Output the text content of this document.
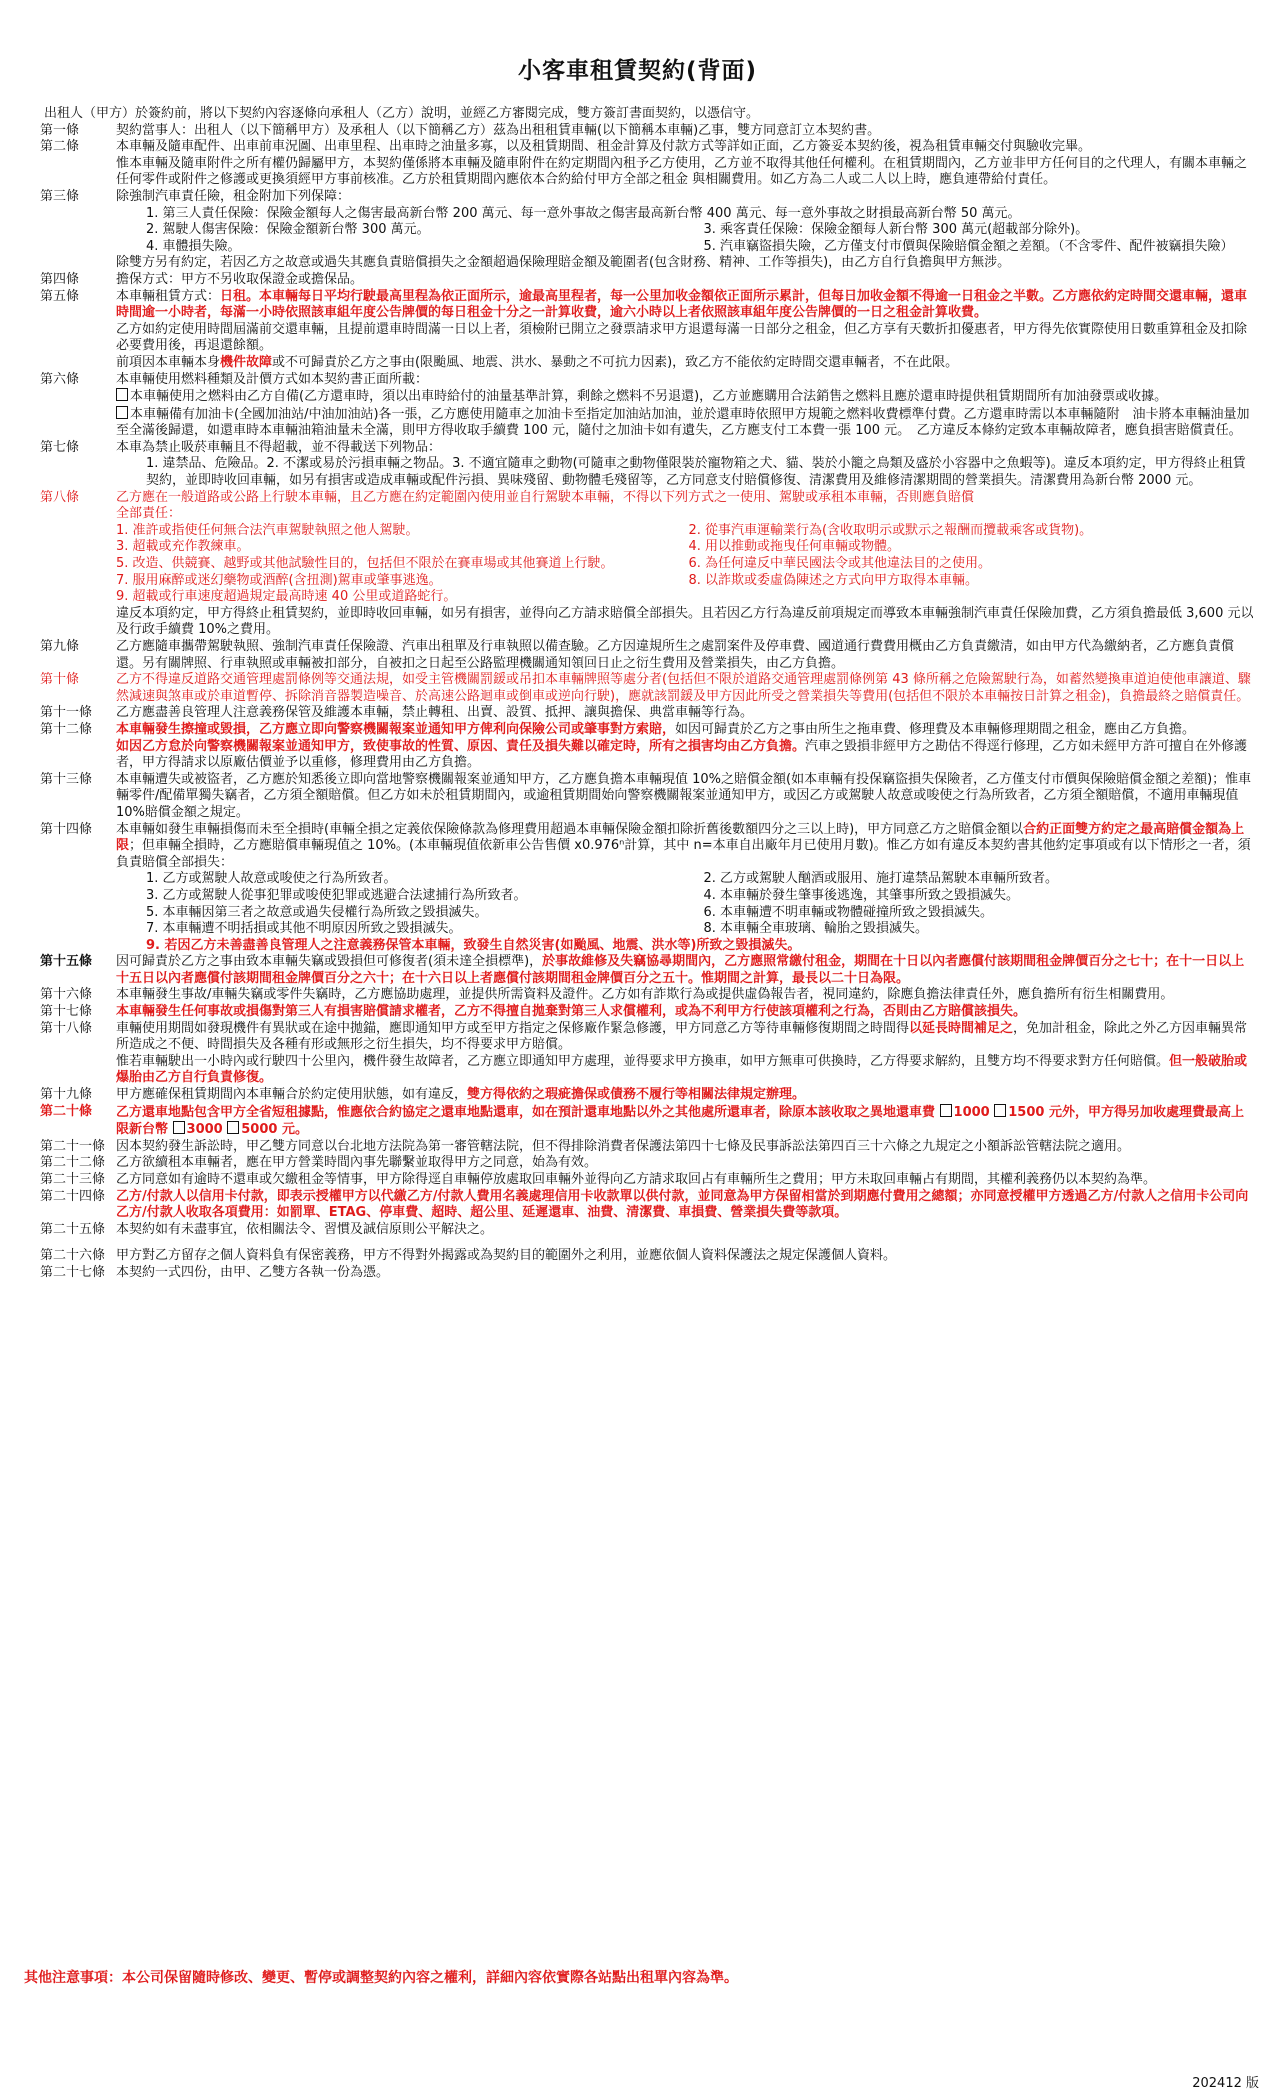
小客車租賃契約(背面)
出租人（甲方）於簽約前，將以下契約內容逐條向承租人（乙方）說明，並經乙方審閱完成，雙方簽訂書面契約，以憑信守。
第一條	契約當事人：出租人（以下簡稱甲方）及承租人（以下簡稱乙方）茲為出租租賃車輛(以下簡稱本車輛)乙事，雙方同意訂立本契約書。
第二條	本車輛及隨車配件、出車前車況圖、出車里程、出車時之油量多寡，以及租賃期間、租金計算及付款方式等詳如正面，乙方簽妥本契約後，視為租賃車輛交付與驗收完畢。

惟本車輛及隨車附件之所有權仍歸屬甲方，本契約僅係將本車輛及隨車附件在約定期間內租予乙方使用，乙方並不取得其他任何權利。在租賃期間內，乙方並非甲方任何目的之代理人，有關本車輛之任何零件或附件之修護或更換須經甲方事前核准。乙方於租賃期間內應依本合約給付甲方全部之租金 與相關費用。如乙方為二人或二人以上時，應負連帶給付責任。

第三條	除強制汽車責任險，租金附加下列保障：

1. 第三人責任保險：保險金額每人之傷害最高新台幣 200 萬元、每一意外事故之傷害最高新台幣 400 萬元、每一意外事故之財損最高新台幣 50 萬元。

2. 駕駛人傷害保險：保險金額新台幣 300 萬元。	3. 乘客責任保險：保險金額每人新台幣 300 萬元(超載部分除外)。
4. 車體損失險。	5. 汽車竊盜損失險，乙方僅支付市價與保險賠償金額之差額。（不含零件、配件被竊損失險）

除雙方另有約定，若因乙方之故意或過失其應負責賠償損失之金額超過保險理賠金額及範圍者(包含財務、精神、工作等損失)，由乙方自行負擔與甲方無涉。

第四條	擔保方式：甲方不另收取保證金或擔保品。
第五條	本車輛租賃方式：日租。本車輛每日平均行駛最高里程為依正面所示，逾最高里程者，每一公里加收金額依正面所示累計，但每日加收金額不得逾一日租金之半數。乙方應依約定時間交還車輛，還車時間逾一小時者，每滿一小時依照該車組年度公告牌價的每日租金十分之一計算收費，逾六小時以上者依照該車組年度公告牌價的一日之租金計算收費。

乙方如約定使用時間屆滿前交還車輛，且提前還車時間滿一日以上者，須檢附已開立之發票請求甲方退還每滿一日部分之租金，但乙方享有天數折扣優惠者，甲方得先依實際使用日數重算租金及扣除必要費用後，再退還餘額。

前項因本車輛本身機件故障或不可歸責於乙方之事由(限颱風、地震、洪水、暴動之不可抗力因素)，致乙方不能依約定時間交還車輛者，不在此限。

第六條	本車輛使用燃料種類及計價方式如本契約書正面所載：

本車輛使用之燃料由乙方自備(乙方還車時，須以出車時給付的油量基準計算，剩餘之燃料不另退還)，乙方並應購用合法銷售之燃料且應於還車時提供租賃期間所有加油發票或收據。

本車輛備有加油卡(全國加油站/中油加油站)各一張，乙方應使用隨車之加油卡至指定加油站加油，並於還車時依照甲方規範之燃料收費標準付費。乙方還車時需以本車輛隨附　油卡將本車輛油量加至全滿後歸還，如還車時本車輛油箱油量未全滿，則甲方得收取手續費 100 元，隨付之加油卡如有遺失，乙方應支付工本費一張 100 元。　乙方違反本條約定致本車輛故障者，應負損害賠償責任。

第七條	本車為禁止吸菸車輛且不得超載，並不得載送下列物品：

1. 違禁品、危險品。2. 不潔或易於污損車輛之物品。3. 不適宜隨車之動物(可隨車之動物僅限裝於寵物箱之犬、貓、裝於小籠之鳥類及盛於小容器中之魚蝦等)。違反本項約定，甲方得終止租賃契約，並即時收回車輛，如另有損害或造成車輛或配件污損、異味殘留、動物體毛殘留等，乙方同意支付賠償修復、清潔費用及維修清潔期間的營業損失。清潔費用為新台幣 2000 元。

第八條	乙方應在一般道路或公路上行駛本車輛，且乙方應在約定範圍內使用並自行駕駛本車輛，不得以下列方式之一使用、駕駛或承租本車輛，否則應負賠償

全部責任：

1. 准許或指使任何無合法汽車駕駛執照之他人駕駛。	2. 從事汽車運輸業行為(含收取明示或默示之報酬而攬載乘客或貨物)。
3. 超載或充作教練車。	4. 用以推動或拖曳任何車輛或物體。
5. 改造、供競賽、越野或其他試驗性目的，包括但不限於在賽車場或其他賽道上行駛。	6. 為任何違反中華民國法令或其他違法目的之使用。
7. 服用麻醉或迷幻藥物或酒醉(含扭測)駕車或肇事逃逸。	8. 以詐欺或委虛偽陳述之方式向甲方取得本車輛。

9. 超載或行車速度超過規定最高時速 40 公里或道路蛇行。

違反本項約定，甲方得終止租賃契約，並即時收回車輛，如另有損害，並得向乙方請求賠償全部損失。且若因乙方行為違反前項規定而導致本車輛強制汽車責任保險加費，乙方須負擔最低 3,600 元以及行政手續費 10%之費用。

第九條	乙方應隨車攜帶駕駛執照、強制汽車責任保險證、汽車出租單及行車執照以備查驗。乙方因違規所生之處罰案件及停車費、國道通行費費用概由乙方負責繳清，如由甲方代為繳納者，乙方應負責償還。另有關牌照、行車執照或車輛被扣部分，自被扣之日起至公路監理機關通知領回日止之衍生費用及營業損失，由乙方負擔。
第十條	乙方不得違反道路交通管理處罰條例等交通法規，如受主管機關罰鍰或吊扣本車輛牌照等處分者(包括但不限於道路交通管理處罰條例第 43 條所稱之危險駕駛行為，如蓄然變換車道迫使他車讓道、驟然減速與煞車或於車道暫停、拆除消音器製造噪音、於高速公路迴車或倒車或逆向行駛)，應就該罰鍰及甲方因此所受之營業損失等費用(包括但不限於本車輛按日計算之租金)，負擔最終之賠償責任。
第十一條	乙方應盡善良管理人注意義務保管及維護本車輛，禁止轉租、出賣、設質、抵押、讓與擔保、典當車輛等行為。
第十二條	本車輛發生擦撞或毀損，乙方應立即向警察機關報案並通知甲方俾利向保險公司或肇事對方索賠，如因可歸責於乙方之事由所生之拖車費、修理費及本車輛修理期間之租金，應由乙方負擔。

如因乙方怠於向警察機關報案並通知甲方，致使事故的性質、原因、責任及損失難以確定時，所有之損害均由乙方負擔。汽車之毀損非經甲方之勘估不得逕行修理，乙方如未經甲方許可擅自在外修護者，甲方得請求以原廠估價並予以重修，修理費用由乙方負擔。

第十三條	本車輛遭失或被盜者，乙方應於知悉後立即向當地警察機關報案並通知甲方，乙方應負擔本車輛現值 10%之賠償金額(如本車輛有投保竊盜損失保險者，乙方僅支付市價與保險賠償金額之差額)；惟車輛零件/配備單獨失竊者，乙方須全額賠償。但乙方如未於租賃期間內，或逾租賃期間始向警察機關報案並通知甲方，或因乙方或駕駛人故意或唆使之行為所致者，乙方須全額賠償，不適用車輛現值 10%賠償金額之規定。
第十四條	本車輛如發生車輛損傷而未至全損時(車輛全損之定義依保險條款為修理費用超過本車輛保險金額扣除折舊後數額四分之三以上時)，甲方同意乙方之賠償金額以合約正面雙方約定之最高賠償金額為上限；但車輛全損時，乙方應賠償車輛現值之 10%。(本車輛現值依新車公告售價 x0.976ⁿ計算，其中 n=本車自出廠年月已使用月數)。惟乙方如有違反本契約書其他約定事項或有以下情形之一者，須負責賠償全部損失：

1. 乙方或駕駛人故意或唆使之行為所致者。	2. 乙方或駕駛人酗酒或服用、施打違禁品駕駛本車輛所致者。
3. 乙方或駕駛人從事犯罪或唆使犯罪或逃避合法逮捕行為所致者。	4. 本車輛於發生肇事後逃逸，其肇事所致之毀損滅失。
5. 本車輛因第三者之故意或過失侵權行為所致之毀損滅失。	6. 本車輛遭不明車輛或物體碰撞所致之毀損滅失。
7. 本車輛遭不明括損或其他不明原因所致之毀損滅失。	8. 本車輛全車玻璃、輪胎之毀損滅失。

9. 若因乙方未善盡善良管理人之注意義務保管本車輛，致發生自然災害(如颱風、地震、洪水等)所致之毀損滅失。

第十五條	因可歸責於乙方之事由致本車輛失竊或毀損但可修復者(須未達全損標準)，於事故維修及失竊協尋期間內，乙方應照常繳付租金，期間在十日以內者應償付該期間租金牌價百分之七十；在十一日以上十五日以內者應償付該期間租金牌價百分之六十；在十六日以上者應償付該期間租金牌價百分之五十。惟期間之計算，最長以二十日為限。

第十六條	本車輛發生事故/車輛失竊或零件失竊時，乙方應協助處理，並提供所需資料及證件。乙方如有詐欺行為或提供虛偽報告者，視同違約，除應負擔法律責任外，應負擔所有衍生相關費用。
第十七條	本車輛發生任何事故或損傷對第三人有損害賠償請求權者，乙方不得擅自拋棄對第三人求償權利，或為不利甲方行使該項權利之行為，否則由乙方賠償該損失。
第十八條	車輛使用期間如發現機件有異狀或在途中拋錨，應即通知甲方或至甲方指定之保修廠作緊急修護，甲方同意乙方等待車輛修復期間之時間得以延長時間補足之，免加計租金，除此之外乙方因車輛異常所造成之不便、時間損失及各種有形或無形之衍生損失，均不得要求甲方賠償。

惟若車輛駛出一小時內或行駛四十公里內，機件發生故障者，乙方應立即通知甲方處理，並得要求甲方換車，如甲方無車可供換時，乙方得要求解約，且雙方均不得要求對方任何賠償。但一般破胎或爆胎由乙方自行負責修復。

第十九條	甲方應確保租賃期間內本車輛合於約定使用狀態，如有違反，雙方得依約之瑕疵擔保或債務不履行等相關法律規定辦理。
第二十條	乙方還車地點包含甲方全省短租據點，惟應依合約協定之還車地點還車，如在預計還車地點以外之其他處所還車者，除原本該收取之異地還車費 1000 1500 元外，甲方得另加收處理費最高上限新台幣 3000 5000 元。
第二十一條 因本契約發生訴訟時，甲乙雙方同意以台北地方法院為第一審管轄法院，但不得排除消費者保護法第四十七條及民事訴訟法第四百三十六條之九規定之小額訴訟管轄法院之適用。
第二十二條 乙方欲續租本車輛者，應在甲方營業時間內事先聯繫並取得甲方之同意，始為有效。
第二十三條 乙方同意如有逾時不還車或欠繳租金等情事，甲方除得逕自車輛停放處取回車輛外並得向乙方請求取回占有車輛所生之費用；甲方未取回車輛占有期間，其權利義務仍以本契約為準。
第二十四條 乙方/付款人以信用卡付款，即表示授權甲方以代繳乙方/付款人費用名義處理信用卡收款單以供付款，並同意為甲方保留相當於到期應付費用之總額；亦同意授權甲方透過乙方/付款人之信用卡公司向乙方/付款人收取各項費用：如罰單、ETAG、停車費、超時、超公里、延遲還車、油費、清潔費、車損費、營業損失費等款項。
第二十五條 本契約如有未盡事宜，依相關法令、習慣及誠信原則公平解決之。
第二十六條 甲方對乙方留存之個人資料負有保密義務，甲方不得對外揭露或為契約目的範圍外之利用，並應依個人資料保護法之規定保護個人資料。
第二十七條 本契約一式四份，由甲、乙雙方各執一份為憑。
其他注意事項：本公司保留隨時修改、變更、暫停或調整契約內容之權利，詳細內容依實際各站點出租單內容為準。
202412 版
